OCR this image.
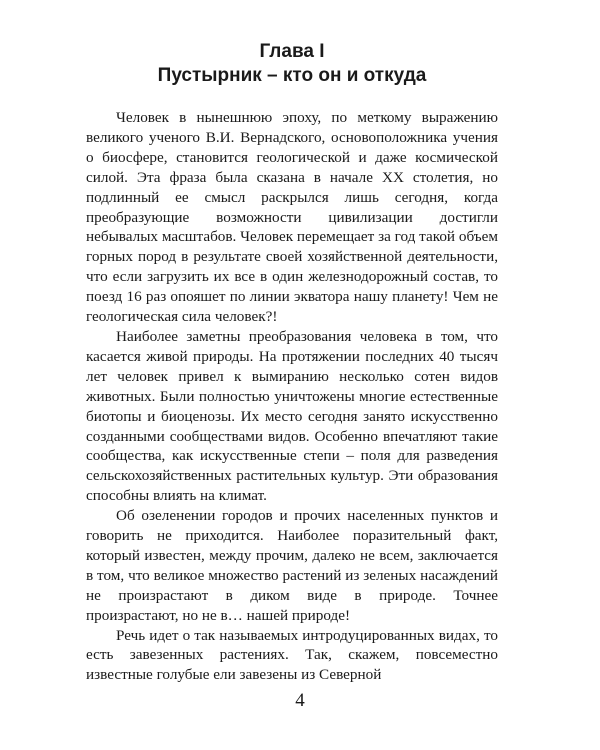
Глава I
Пустырник – кто он и откуда

Человек в нынешнюю эпоху, по меткому выражению великого ученого В.И. Вернадского, основоположника учения о биосфере, становится геологической и даже космической силой. Эта фраза была сказана в начале XX столетия, но подлинный ее смысл раскрылся лишь сегодня, когда преобразующие возможности цивилизации достигли небывалых масштабов. Человек перемещает за год такой объем горных пород в результате своей хозяйственной деятельности, что если загрузить их все в один железнодорожный состав, то поезд 16 раз опояшет по линии экватора нашу планету! Чем не геологическая сила человек?!

Наиболее заметны преобразования человека в том, что касается живой природы. На протяжении последних 40 тысяч лет человек привел к вымиранию несколько сотен видов животных. Были полностью уничтожены многие естественные биотопы и биоценозы. Их место сегодня занято искусственно созданными сообществами видов. Особенно впечатляют такие сообщества, как искусственные степи – поля для разведения сельскохозяйственных растительных культур. Эти образования способны влиять на климат.

Об озеленении городов и прочих населенных пунктов и говорить не приходится. Наиболее поразительный факт, который известен, между прочим, далеко не всем, заключается в том, что великое множество растений из зеленых насаждений не произрастают в диком виде в природе. Точнее произрастают, но не в… нашей природе!

Речь идет о так называемых интродуцированных видах, то есть завезенных растениях. Так, скажем, повсеместно известные голубые ели завезены из Северной

4
